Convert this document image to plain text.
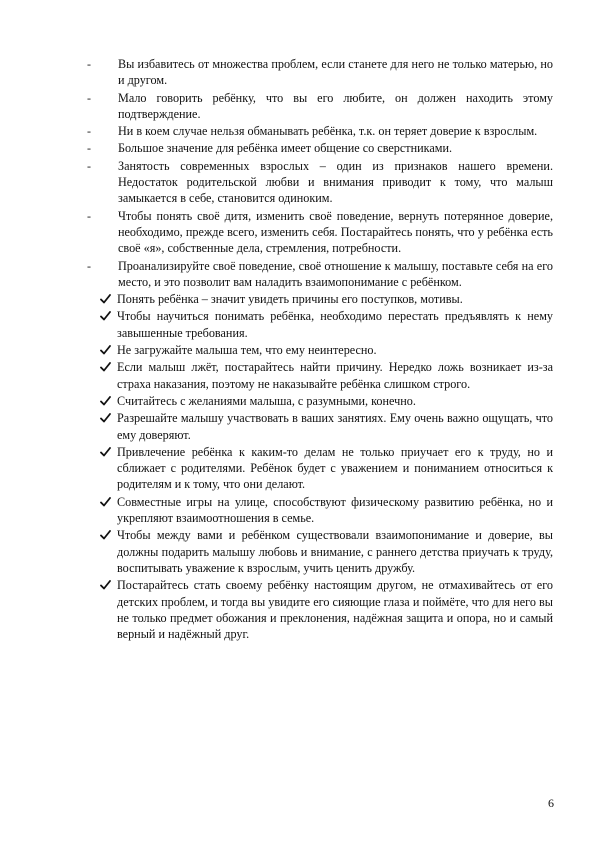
- Вы избавитесь от множества проблем, если станете для него не только матерью, но и другом.

- Мало говорить ребёнку, что вы его любите, он должен находить этому подтверждение.

- Ни в коем случае нельзя обманывать ребёнка, т.к. он теряет доверие к взрослым.

- Большое значение для ребёнка имеет общение со сверстниками.

- Занятость современных взрослых – один из признаков нашего времени. Недостаток родительской любви и внимания приводит к тому, что малыш замыкается в себе, становится одиноким.

- Чтобы понять своё дитя, изменить своё поведение, вернуть потерянное доверие, необходимо, прежде всего, изменить себя. Постарайтесь понять, что у ребёнка есть своё «я», собственные дела, стремления, потребности.

- Проанализируйте своё поведение, своё отношение к малышу, поставьте себя на его место, и это позволит вам наладить взаимопонимание с ребёнком.

Понять ребёнка – значит увидеть причины его поступков, мотивы.

Чтобы научиться понимать ребёнка, необходимо перестать предъявлять к нему завышенные требования.

Не загружайте малыша тем, что ему неинтересно.

Если малыш лжёт, постарайтесь найти причину. Нередко ложь возникает из-за страха наказания, поэтому не наказывайте ребёнка слишком строго.

Считайтесь с желаниями малыша, с разумными, конечно.

Разрешайте малышу участвовать в ваших занятиях. Ему очень важно ощущать, что ему доверяют.

Привлечение ребёнка к каким-то делам не только приучает его к труду, но и сближает с родителями. Ребёнок будет с уважением и пониманием относиться к родителям и к тому, что они делают.

Совместные игры на улице, способствуют физическому развитию ребёнка, но и укрепляют взаимоотношения в семье.

Чтобы между вами и ребёнком существовали взаимопонимание и доверие, вы должны подарить малышу любовь и внимание, с раннего детства приучать к труду, воспитывать уважение к взрослым, учить ценить дружбу.

Постарайтесь стать своему ребёнку настоящим другом, не отмахивайтесь от его детских проблем, и тогда вы увидите его сияющие глаза и поймёте, что для него вы не только предмет обожания и преклонения, надёжная защита и опора, но и самый верный и надёжный друг.

6
